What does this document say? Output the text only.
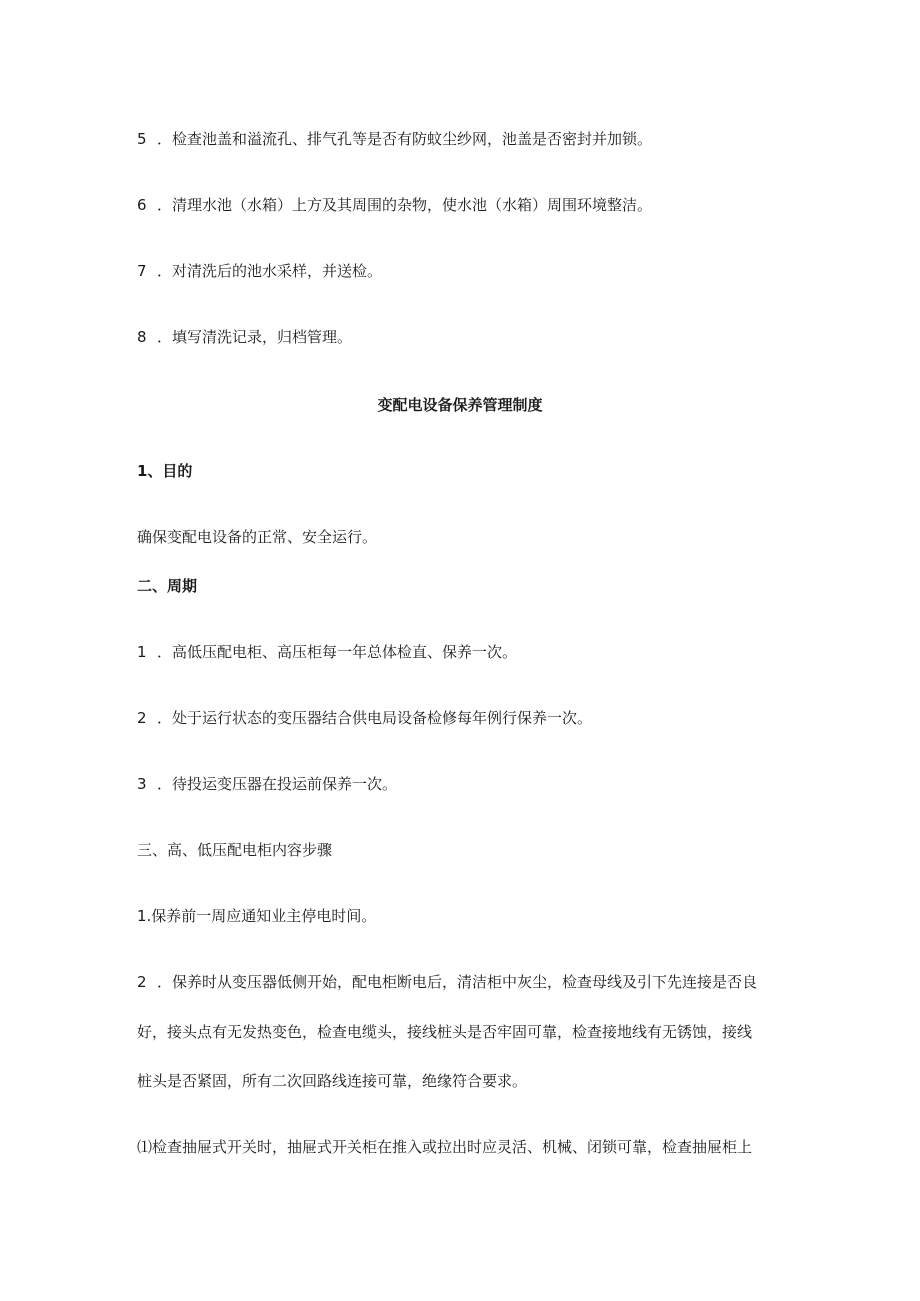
5 ．检查池盖和溢流孔、排气孔等是否有防蚊尘纱网，池盖是否密封并加锁。
6 ．清理水池（水箱）上方及其周围的杂物，使水池（水箱）周围环境整洁。
7 ．对清洗后的池水采样，并送检。
8 ．填写清洗记录，归档管理。
变配电设备保养管理制度
1、目的
确保变配电设备的正常、安全运行。
二、周期
1 ．高低压配电柜、高压柜每一年总体检直、保养一次。
2 ．处于运行状态的变压器结合供电局设备检修每年例行保养一次。
3 ．待投运变压器在投运前保养一次。
三、高、低压配电柜内容步骤
1.保养前一周应通知业主停电时间。
2 ．保养时从变压器低侧开始，配电柜断电后，清洁柜中灰尘，检查母线及引下先连接是否良
好，接头点有无发热变色，检查电缆头，接线桩头是否牢固可靠，检查接地线有无锈蚀，接线
桩头是否紧固，所有二次回路线连接可靠，绝缘符合要求。
⑴检查抽屉式开关时，抽屉式开关柜在推入或拉出时应灵活、机械、闭锁可靠，检查抽屉柜上
